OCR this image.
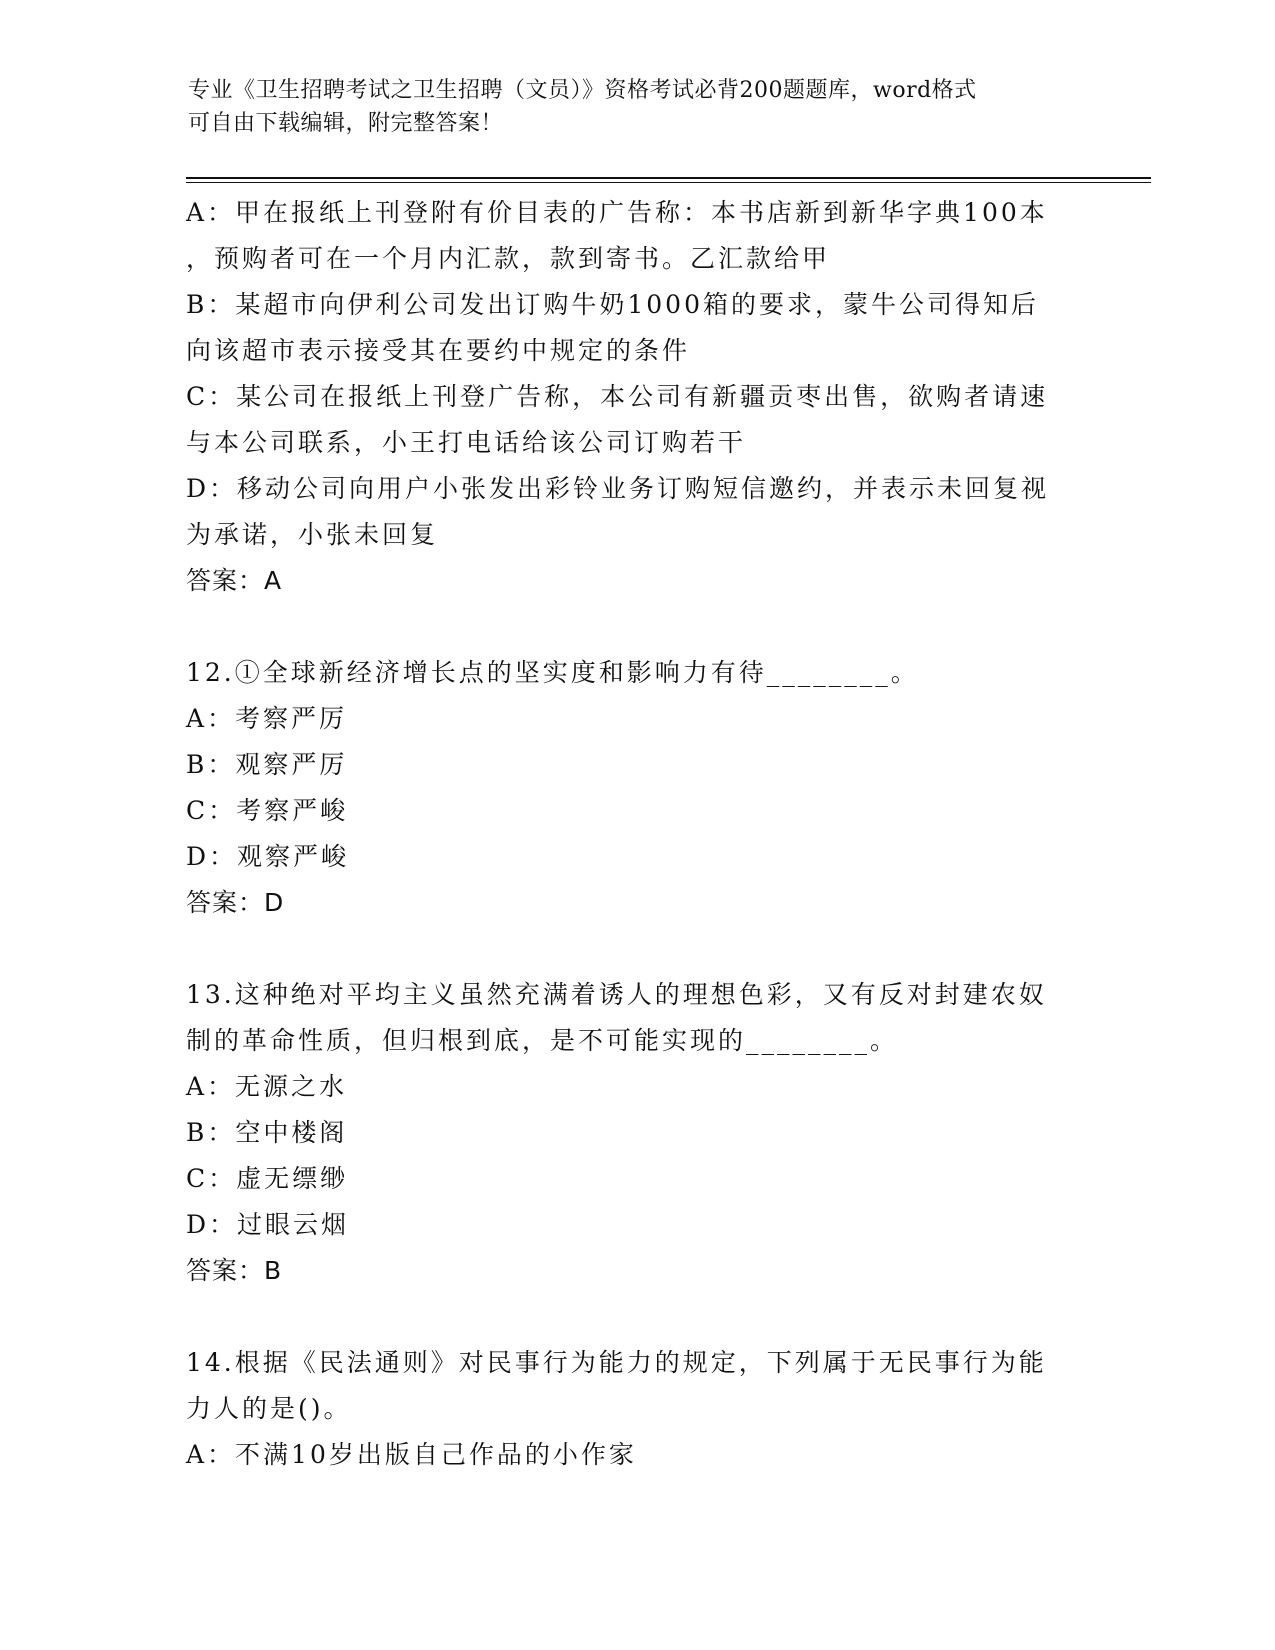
专业《卫生招聘考试之卫生招聘（文员）》资格考试必背200题题库，word格式
可自由下载编辑，附完整答案！

A：甲在报纸上刊登附有价目表的广告称：本书店新到新华字典100本

，预购者可在一个月内汇款，款到寄书。乙汇款给甲

B：某超市向伊利公司发出订购牛奶1000箱的要求，蒙牛公司得知后

向该超市表示接受其在要约中规定的条件

C：某公司在报纸上刊登广告称，本公司有新疆贡枣出售，欲购者请速

与本公司联系，小王打电话给该公司订购若干

D：移动公司向用户小张发出彩铃业务订购短信邀约，并表示未回复视

为承诺，小张未回复

答案：A

12.①全球新经济增长点的坚实度和影响力有待________。

A：考察严厉

B：观察严厉

C：考察严峻

D：观察严峻

答案：D

13.这种绝对平均主义虽然充满着诱人的理想色彩，又有反对封建农奴

制的革命性质，但归根到底，是不可能实现的________。

A：无源之水

B：空中楼阁

C：虚无缥缈

D：过眼云烟

答案：B

14.根据《民法通则》对民事行为能力的规定，下列属于无民事行为能

力人的是()。

A：不满10岁出版自己作品的小作家
